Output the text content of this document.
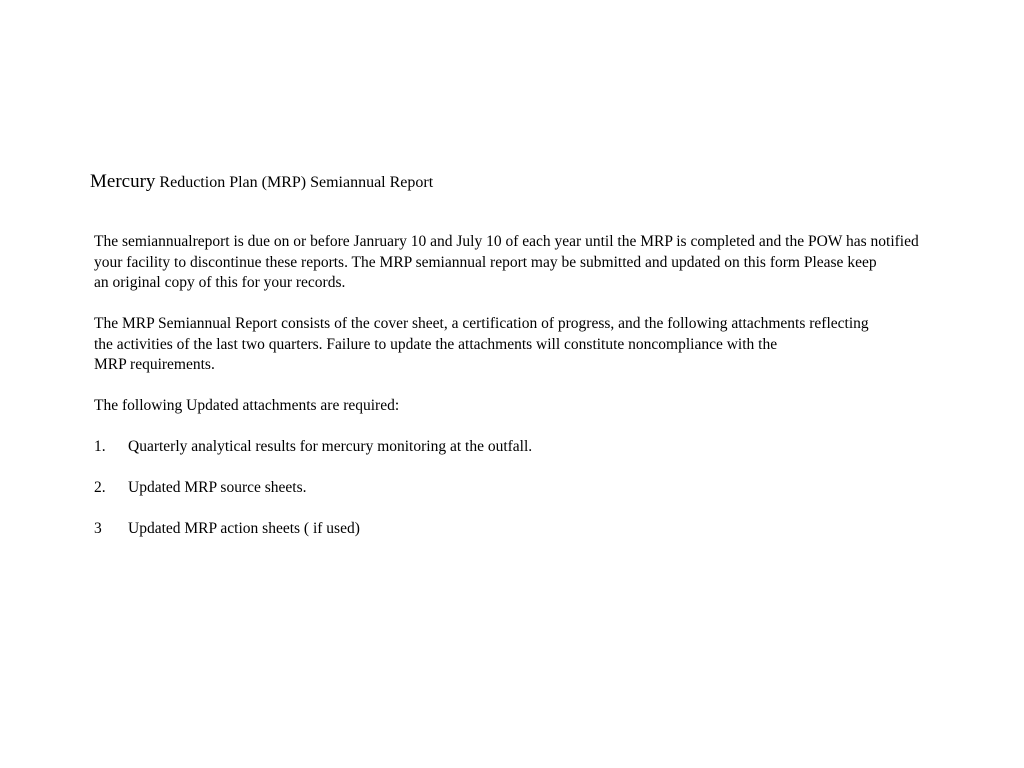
Mercury Reduction Plan (MRP) Semiannual Report
The semiannualreport is due on or before Janruary 10 and July 10 of each year until the MRP is completed and the POW has notified
your facility to discontinue these reports. The MRP semiannual report may be submitted and updated on this form Please keep
an original copy of this for your records.
The MRP Semiannual Report consists of the cover sheet, a certification of progress, and the following attachments reflecting
the activities of the last two quarters. Failure to update the attachments will constitute noncompliance with the
MRP requirements.
The following Updated attachments are required:
1. Quarterly analytical results for mercury monitoring at the outfall.
2. Updated MRP source sheets.
3 Updated MRP action sheets ( if used)
